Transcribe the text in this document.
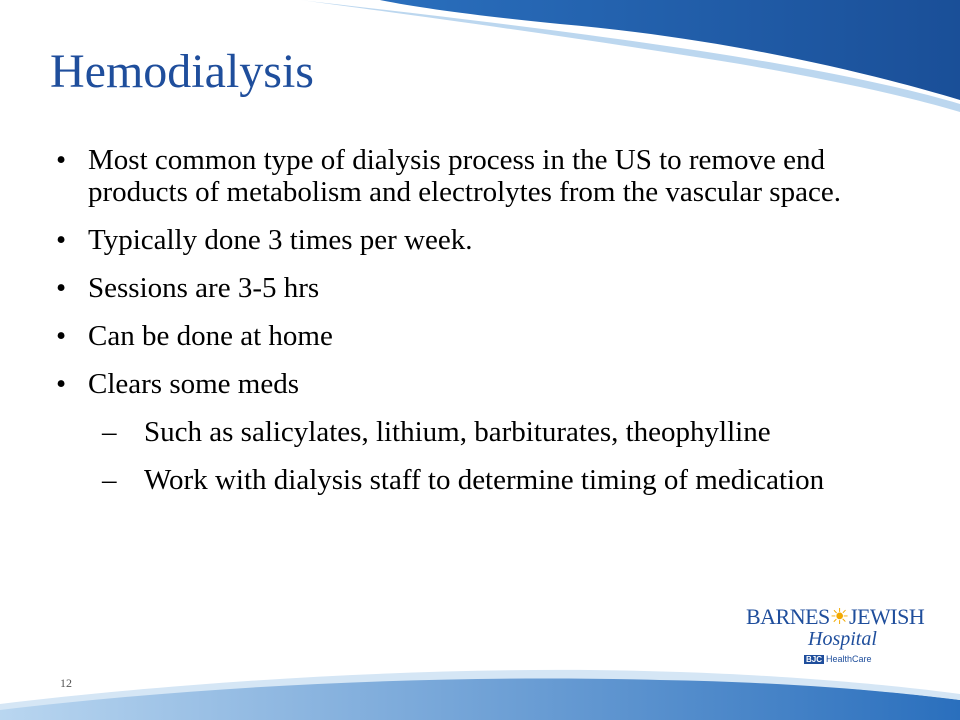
Hemodialysis
• Most common type of dialysis process in the US to remove end products of metabolism and electrolytes from the vascular space.
• Typically done 3 times per week.
• Sessions are 3-5 hrs
• Can be done at home
• Clears some meds
– Such as salicylates, lithium, barbiturates, theophylline
– Work with dialysis staff to determine timing of medication
BARNES☀JEWISH
Hospital
BJC HealthCare
12
